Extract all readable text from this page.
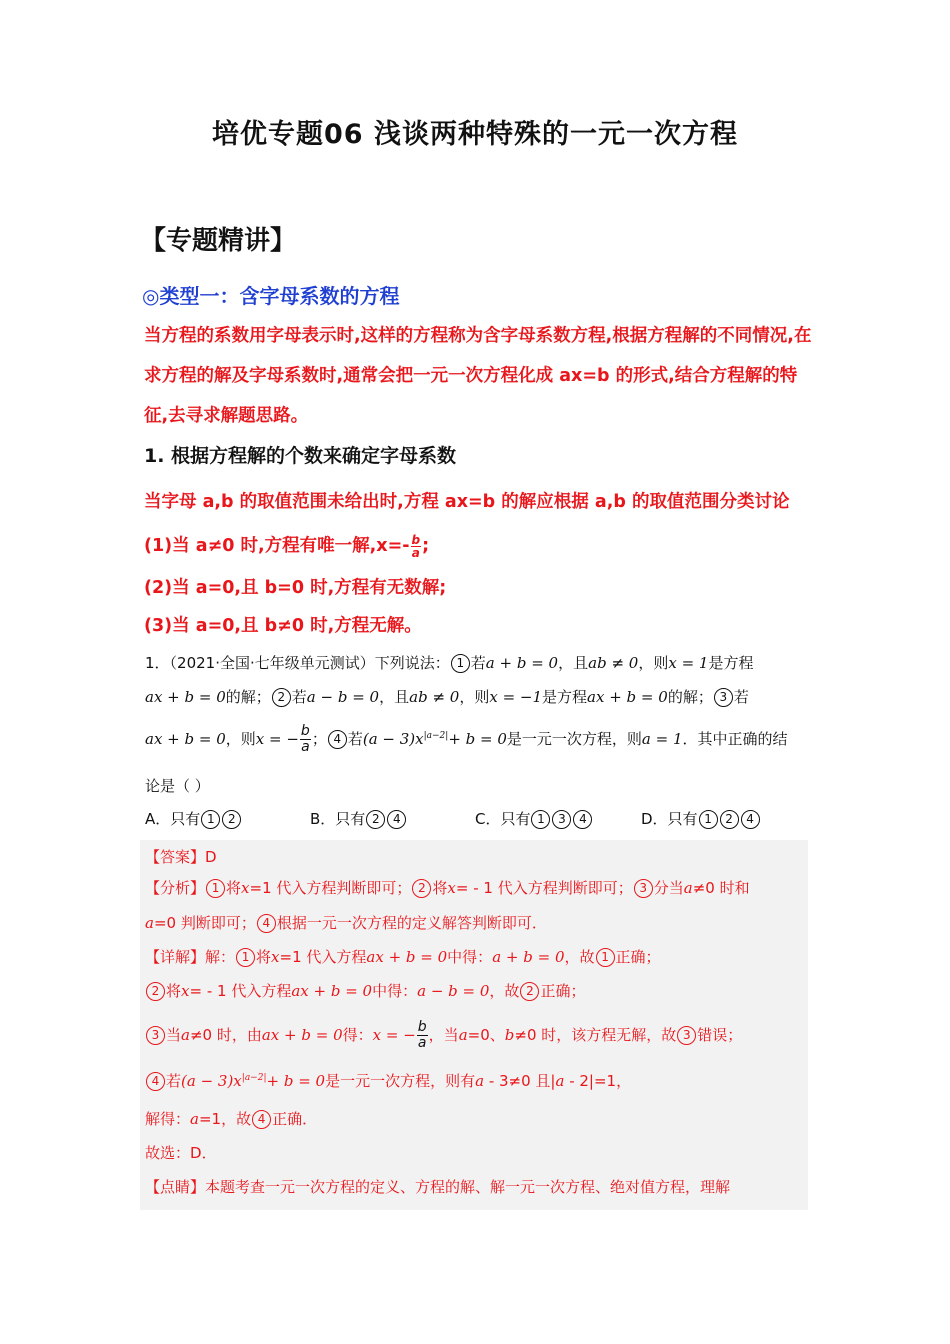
培优专题06 浅谈两种特殊的一元一次方程
【专题精讲】
◎类型一：含字母系数的方程
当方程的系数用字母表示时,这样的方程称为含字母系数方程,根据方程解的不同情况,在求方程的解及字母系数时,通常会把一元一次方程化成 ax=b 的形式,结合方程解的特征,去寻求解题思路。
1. 根据方程解的个数来确定字母系数
当字母 a,b 的取值范围未给出时,方程 ax=b 的解应根据 a,b 的取值范围分类讨论
(1)当 a≠0 时,方程有唯一解$,x=- \frac{b}{a}$ ;
(2)当 a=0,且 b=0 时,方程有无数解;
(3)当 a=0,且 b≠0 时,方程无解。
1．（2021·全国·七年级单元测试）下列说法： 1 若a + b = 0，且ab ≠ 0，则x = 1是方程
ax + b = 0的解； 2 若a − b = 0，且ab ≠ 0，则x = −1是方程ax + b = 0的解； 3 若
ax + b = 0，则x = − $\frac{b}{a}$ ； 4 若$(a - 3)x^{|a-2|}+ b = 0$是一元一次方程，则a = 1．其中正确的结
论是（ ）
A．只有 1 2	B．只有 2 4	C．只有 1 3 4	D．只有 1 2 4
【答案】D
【分析】 1 将x=1 代入方程判断即可； 2 将x= - 1 代入方程判断即可； 3 分当a≠0 时和
a=0 判断即可； 4 根据一元一次方程的定义解答判断即可．
【详解】解： 1 将x=1 代入方程ax + b = 0中得：a + b = 0，故 1 正确；
2 将x= - 1 代入方程ax + b = 0中得：a − b = 0，故 2 正确；
3 当a≠0 时，由ax + b = 0得：x = − $\frac{b}{a}$ ，当a=0、b≠0 时，该方程无解，故 3 错误；
4 若$(a - 3)x^{|a-2|}+ b = 0$是一元一次方程，则有a - 3≠0 且|a - 2|=1，
解得：a=1，故 4 正确．
故选：D．
【点睛】本题考查一元一次方程的定义、方程的解、解一元一次方程、绝对值方程，理解
